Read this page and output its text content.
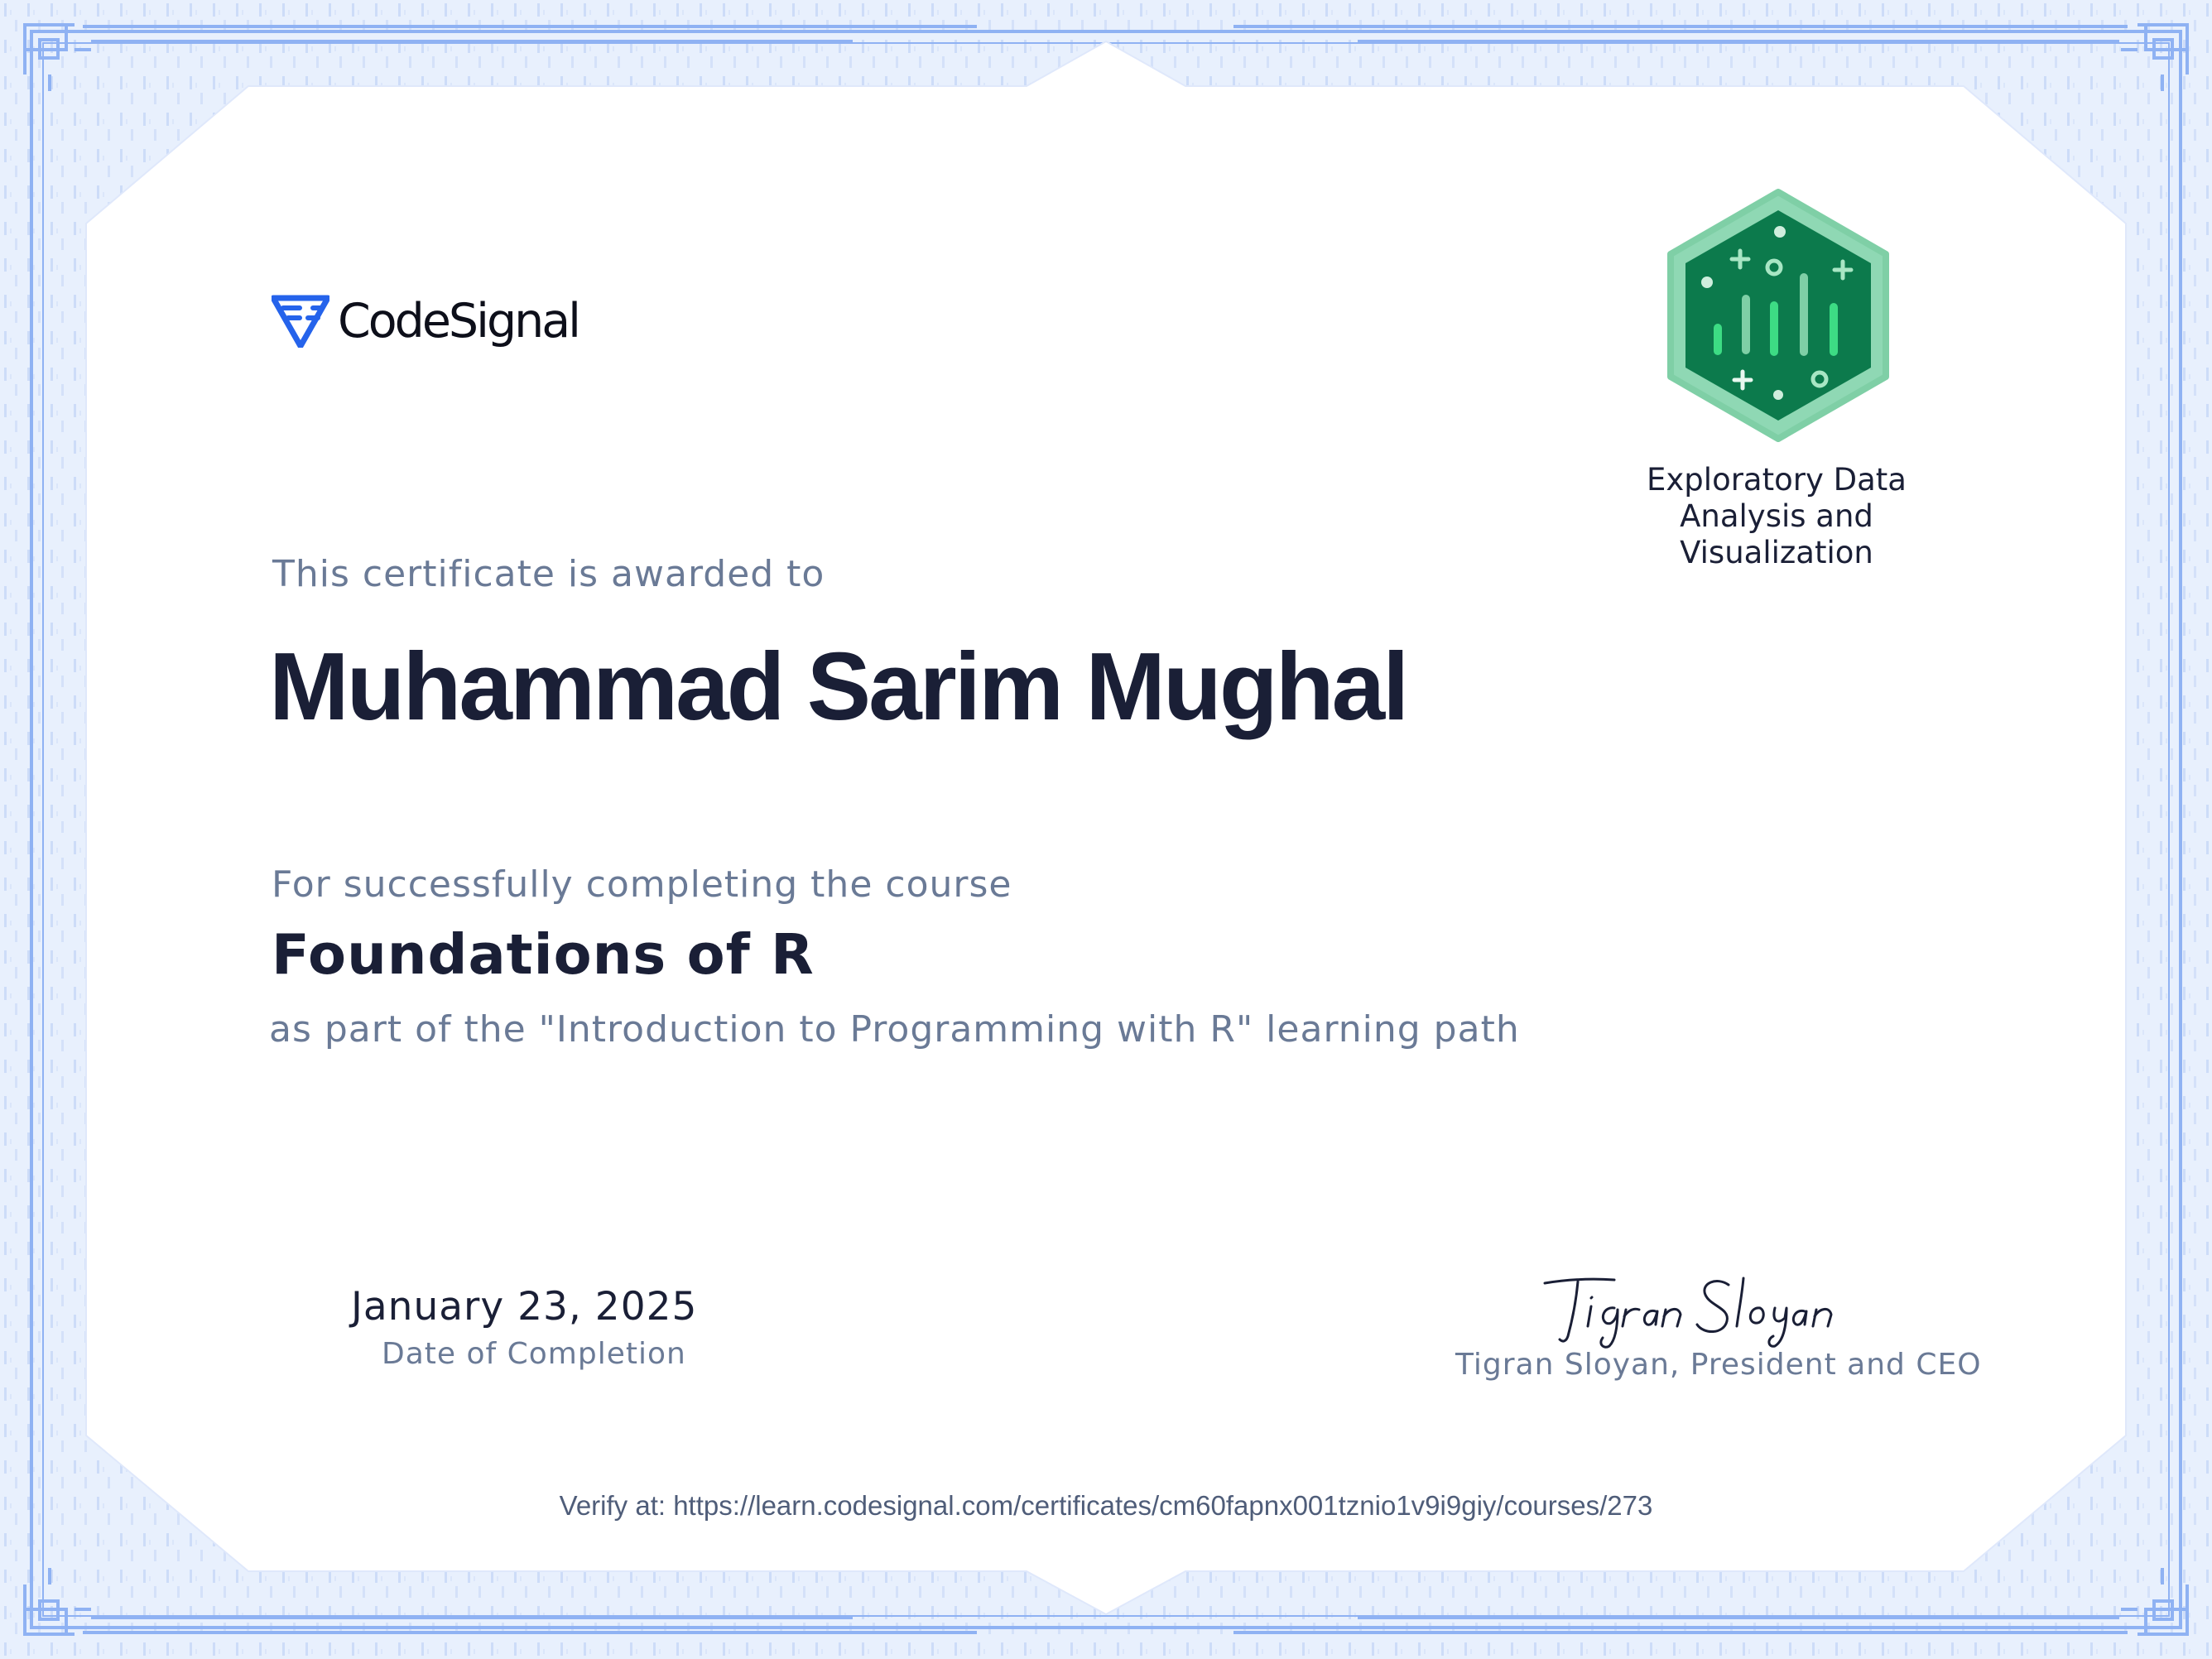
CodeSignal

Exploratory Data Analysis and Visualization

This certificate is awarded to

Muhammad Sarim Mughal

For successfully completing the course

Foundations of R

as part of the "Introduction to Programming with R" learning path

January 23, 2025

Date of Completion	Tigran Sloyan, President and CEO

Verify at: https://learn.codesignal.com/certificates/cm60fapnx001tznio1v9i9giy/courses/273
